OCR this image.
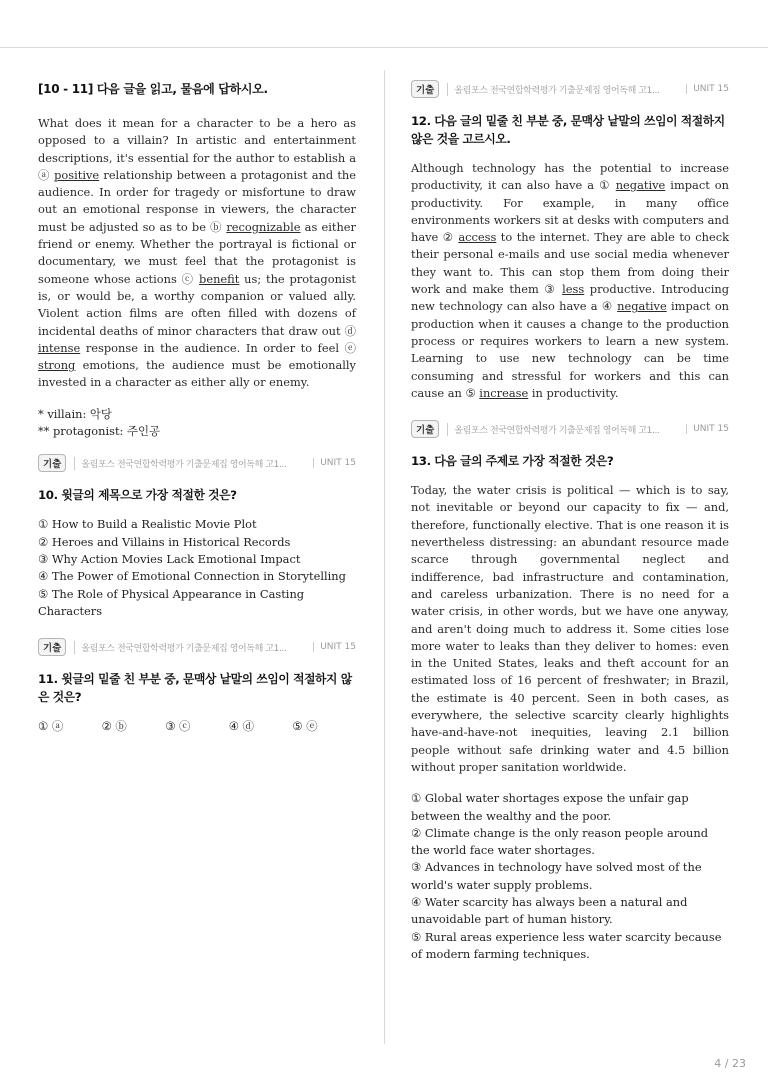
[10 - 11] 다음 글을 읽고, 물음에 답하시오.

What does it mean for a character to be a hero as opposed to a villain? In artistic and entertainment descriptions, it's essential for the author to establish a ⓐ positive relationship between a protagonist and the audience. In order for tragedy or misfortune to draw out an emotional response in viewers, the character must be adjusted so as to be ⓑ recognizable as either friend or enemy. Whether the portrayal is fictional or documentary, we must feel that the protagonist is someone whose actions ⓒ benefit us; the protagonist is, or would be, a worthy companion or valued ally. Violent action films are often filled with dozens of incidental deaths of minor characters that draw out ⓓ intense response in the audience. In order to feel ⓔ strong emotions, the audience must be emotionally invested in a character as either ally or enemy.

* villain: 악당
** protagonist: 주인공
기출	올림포스 전국연합학력평가 기출문제집 영어독해 고1...	UNIT 15
10. 윗글의 제목으로 가장 적절한 것은?
① How to Build a Realistic Movie Plot
② Heroes and Villains in Historical Records
③ Why Action Movies Lack Emotional Impact
④ The Power of Emotional Connection in Storytelling
⑤ The Role of Physical Appearance in Casting Characters
기출	올림포스 전국연합학력평가 기출문제집 영어독해 고1...	UNIT 15
11. 윗글의 밑줄 친 부분 중, 문맥상 낱말의 쓰임이 적절하지 않은 것은?
① ⓐ	② ⓑ	③ ⓒ	④ ⓓ	⑤ ⓔ
기출	올림포스 전국연합학력평가 기출문제집 영어독해 고1...	UNIT 15
12. 다음 글의 밑줄 친 부분 중, 문맥상 낱말의 쓰임이 적절하지 않은 것을 고르시오.

Although technology has the potential to increase productivity, it can also have a ① negative impact on productivity. For example, in many office environments workers sit at desks with computers and have ② access to the internet. They are able to check their personal e-mails and use social media whenever they want to. This can stop them from doing their work and make them ③ less productive. Introducing new technology can also have a ④ negative impact on production when it causes a change to the production process or requires workers to learn a new system. Learning to use new technology can be time consuming and stressful for workers and this can cause an ⑤ increase in productivity.

기출	올림포스 전국연합학력평가 기출문제집 영어독해 고1...	UNIT 15
13. 다음 글의 주제로 가장 적절한 것은?

Today, the water crisis is political — which is to say, not inevitable or beyond our capacity to fix — and, therefore, functionally elective. That is one reason it is nevertheless distressing: an abundant resource made scarce through governmental neglect and indifference, bad infrastructure and contamination, and careless urbanization. There is no need for a water crisis, in other words, but we have one anyway, and aren't doing much to address it. Some cities lose more water to leaks than they deliver to homes: even in the United States, leaks and theft account for an estimated loss of 16 percent of freshwater; in Brazil, the estimate is 40 percent. Seen in both cases, as everywhere, the selective scarcity clearly highlights have-and-have-not inequities, leaving 2.1 billion people without safe drinking water and 4.5 billion without proper sanitation worldwide.

① Global water shortages expose the unfair gap between the wealthy and the poor.
② Climate change is the only reason people around the world face water shortages.
③ Advances in technology have solved most of the world's water supply problems.
④ Water scarcity has always been a natural and unavoidable part of human history.
⑤ Rural areas experience less water scarcity because of modern farming techniques.
4 / 23
